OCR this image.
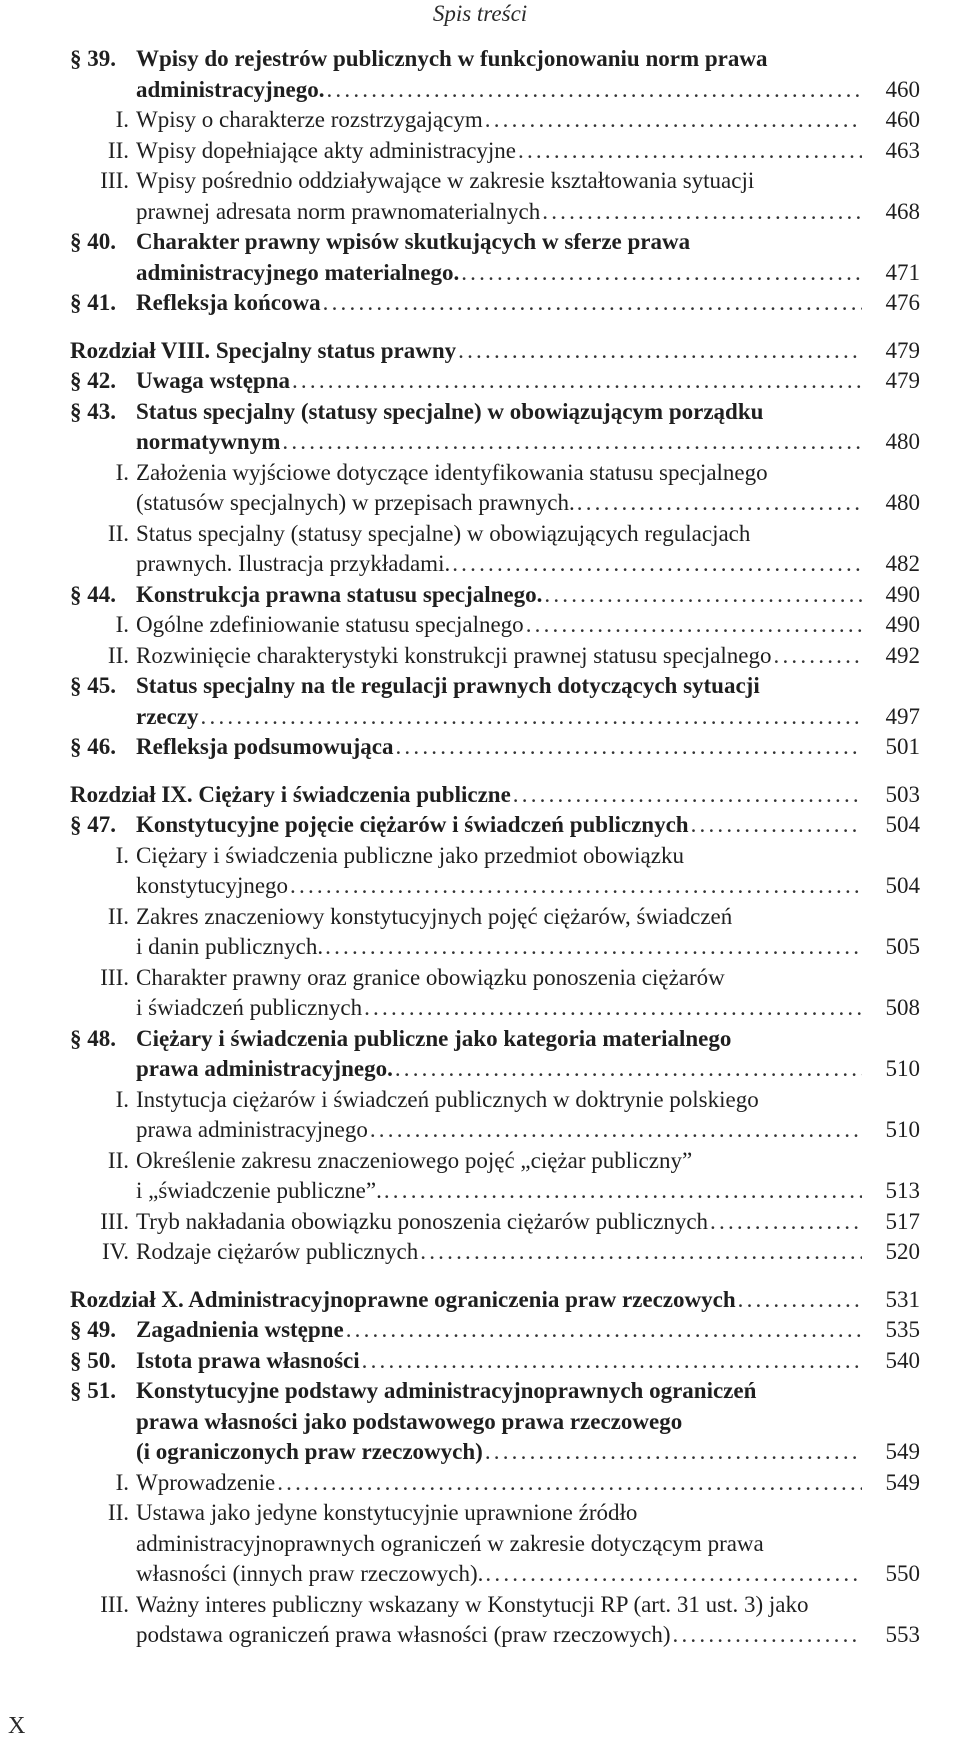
Spis treści
§ 39. Wpisy do rejestrów publicznych w funkcjonowaniu norm prawa
administracyjnego. .....	460
I. Wpisy o charakterze rozstrzygającym .....	460
II. Wpisy dopełniające akty administracyjne .....	463
III. Wpisy pośrednio oddziaływające w zakresie kształtowania sytuacji
prawnej adresata norm prawnomaterialnych .....	468
§ 40. Charakter prawny wpisów skutkujących w sferze prawa
administracyjnego materialnego. .....	471
§ 41. Refleksja końcowa .....	476
Rozdział VIII. Specjalny status prawny .....	479
§ 42. Uwaga wstępna .....	479
§ 43. Status specjalny (statusy specjalne) w obowiązującym porządku
normatywnym .....	480
I. Założenia wyjściowe dotyczące identyfikowania statusu specjalnego
(statusów specjalnych) w przepisach prawnych. .....	480
II. Status specjalny (statusy specjalne) w obowiązujących regulacjach
prawnych. Ilustracja przykładami. .....	482
§ 44. Konstrukcja prawna statusu specjalnego. .....	490
I. Ogólne zdefiniowanie statusu specjalnego .....	490
II. Rozwinięcie charakterystyki konstrukcji prawnej statusu specjalnego .....	492
§ 45. Status specjalny na tle regulacji prawnych dotyczących sytuacji
rzeczy .....	497
§ 46. Refleksja podsumowująca .....	501
Rozdział IX. Ciężary i świadczenia publiczne .....	503
§ 47. Konstytucyjne pojęcie ciężarów i świadczeń publicznych .....	504
I. Ciężary i świadczenia publiczne jako przedmiot obowiązku
konstytucyjnego .....	504
II. Zakres znaczeniowy konstytucyjnych pojęć ciężarów, świadczeń
i danin publicznych. .....	505
III. Charakter prawny oraz granice obowiązku ponoszenia ciężarów
i świadczeń publicznych .....	508
§ 48. Ciężary i świadczenia publiczne jako kategoria materialnego
prawa administracyjnego. .....	510
I. Instytucja ciężarów i świadczeń publicznych w doktrynie polskiego
prawa administracyjnego .....	510
II. Określenie zakresu znaczeniowego pojęć „ciężar publiczny”
i „świadczenie publiczne”. .....	513
III. Tryb nakładania obowiązku ponoszenia ciężarów publicznych .....	517
IV. Rodzaje ciężarów publicznych .....	520
Rozdział X. Administracyjnoprawne ograniczenia praw rzeczowych .....	531
§ 49. Zagadnienia wstępne .....	535
§ 50. Istota prawa własności .....	540
§ 51. Konstytucyjne podstawy administracyjnoprawnych ograniczeń
prawa własności jako podstawowego prawa rzeczowego
(i ograniczonych praw rzeczowych) .....	549
I. Wprowadzenie .....	549
II. Ustawa jako jedyne konstytucyjnie uprawnione źródło
administracyjnoprawnych ograniczeń w zakresie dotyczącym prawa
własności (innych praw rzeczowych). .....	550
III. Ważny interes publiczny wskazany w Konstytucji RP (art. 31 ust. 3) jako
podstawa ograniczeń prawa własności (praw rzeczowych) .....	553
X
